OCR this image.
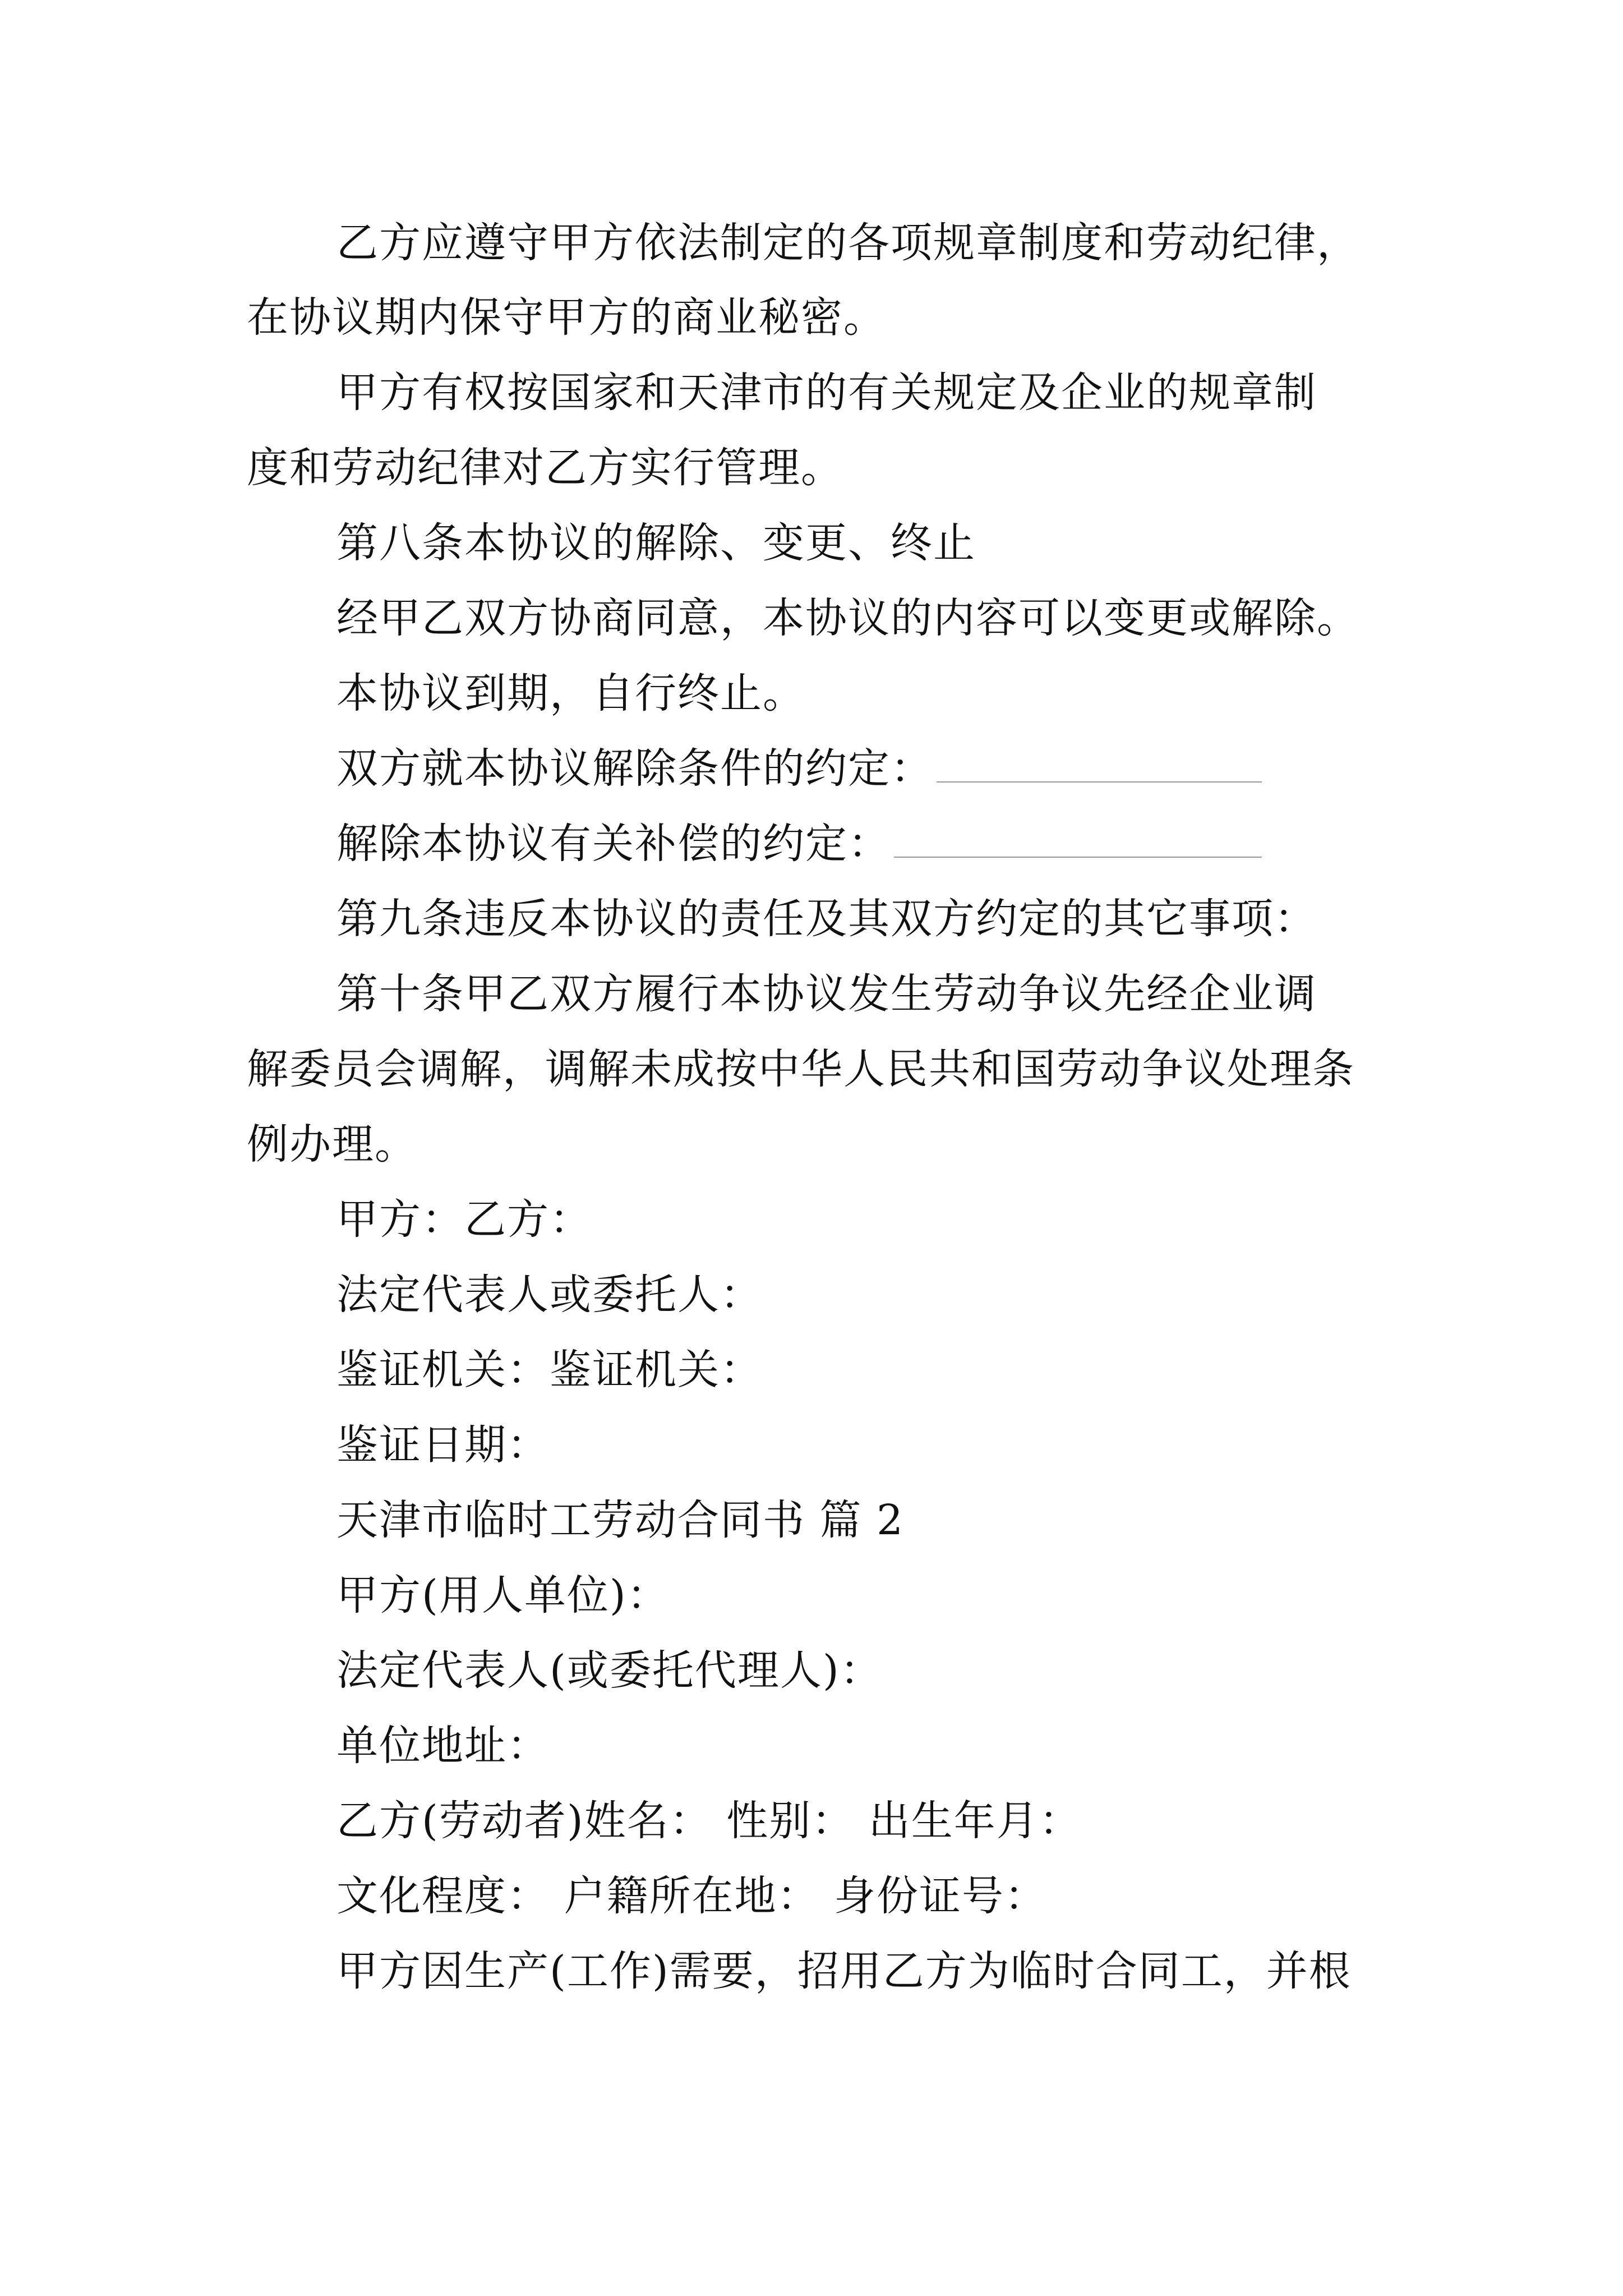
乙方应遵守甲方依法制定的各项规章制度和劳动纪律，
在协议期内保守甲方的商业秘密。
甲方有权按国家和天津市的有关规定及企业的规章制
度和劳动纪律对乙方实行管理。
第八条本协议的解除、变更、终止
经甲乙双方协商同意，本协议的内容可以变更或解除。
本协议到期，自行终止。
双方就本协议解除条件的约定：
解除本协议有关补偿的约定：
第九条违反本协议的责任及其双方约定的其它事项：
第十条甲乙双方履行本协议发生劳动争议先经企业调
解委员会调解，调解未成按中华人民共和国劳动争议处理条
例办理。
甲方：乙方：
法定代表人或委托人：
鉴证机关：鉴证机关：
鉴证日期：
天津市临时工劳动合同书 篇 2
甲方(用人单位)：
法定代表人(或委托代理人)：
单位地址：
乙方(劳动者)姓名： 性别： 出生年月：
文化程度： 户籍所在地： 身份证号：
甲方因生产(工作)需要，招用乙方为临时合同工，并根
